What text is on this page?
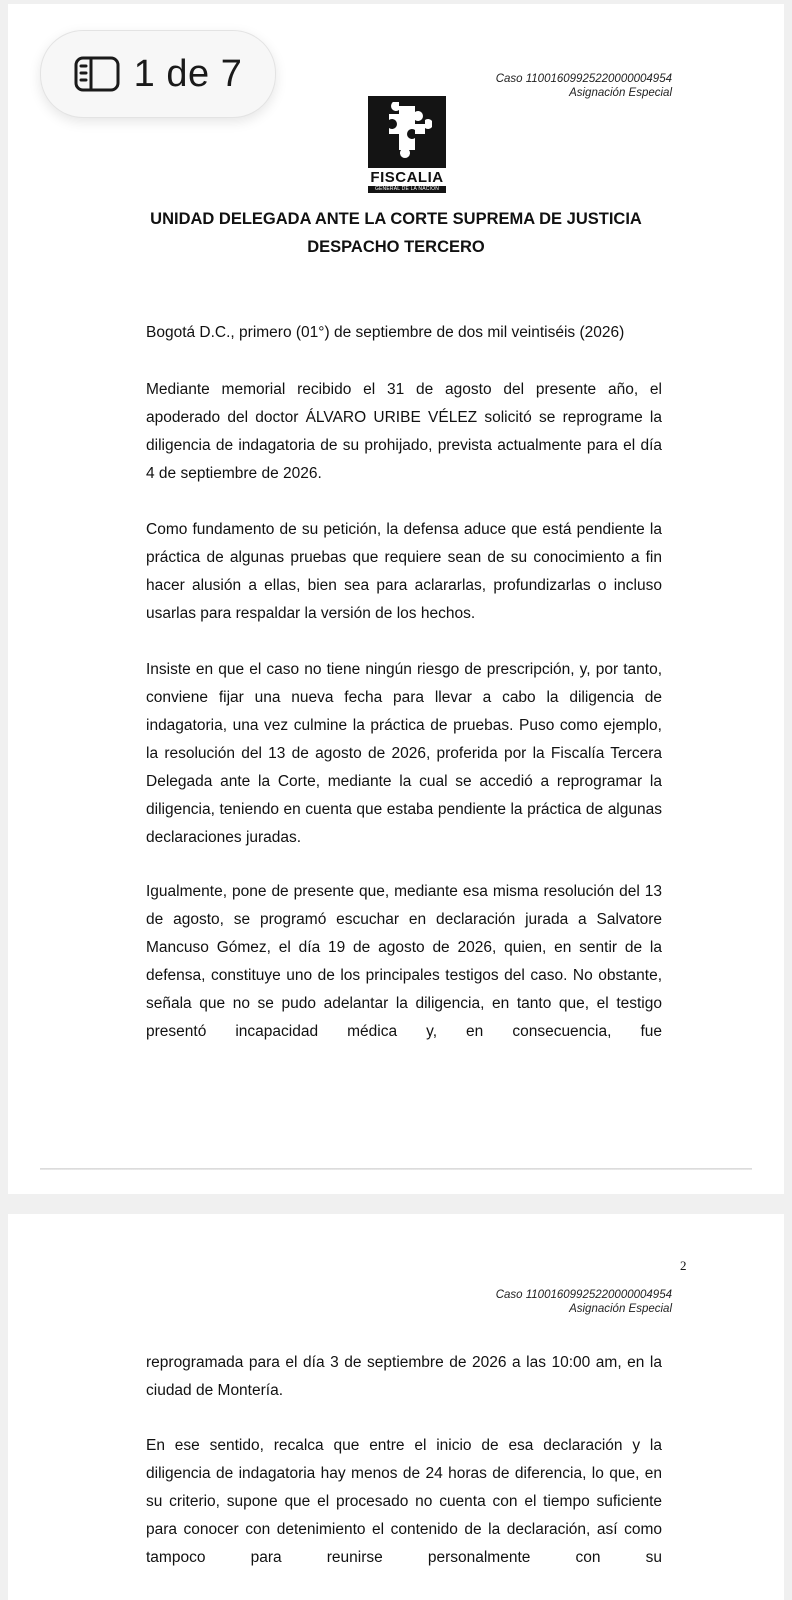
1 de 7	Caso 11001609925220000004954
Asignación Especial
FISCALIA
GENERAL DE LA NACIÓN
UNIDAD DELEGADA ANTE LA CORTE SUPREMA DE JUSTICIA
DESPACHO TERCERO
Bogotá D.C., primero (01°) de septiembre de dos mil veintiséis (2026)
Mediante memorial recibido el 31 de agosto del presente año, el apoderado del doctor ÁLVARO URIBE VÉLEZ solicitó se reprograme la diligencia de indagatoria de su prohijado, prevista actualmente para el día 4 de septiembre de 2026.
Como fundamento de su petición, la defensa aduce que está pendiente la práctica de algunas pruebas que requiere sean de su conocimiento a fin hacer alusión a ellas, bien sea para aclararlas, profundizarlas o incluso usarlas para respaldar la versión de los hechos.
Insiste en que el caso no tiene ningún riesgo de prescripción, y, por tanto, conviene fijar una nueva fecha para llevar a cabo la diligencia de indagatoria, una vez culmine la práctica de pruebas. Puso como ejemplo, la resolución del 13 de agosto de 2026, proferida por la Fiscalía Tercera Delegada ante la Corte, mediante la cual se accedió a reprogramar la diligencia, teniendo en cuenta que estaba pendiente la práctica de algunas declaraciones juradas.
Igualmente, pone de presente que, mediante esa misma resolución del 13 de agosto, se programó escuchar en declaración jurada a Salvatore Mancuso Gómez, el día 19 de agosto de 2026, quien, en sentir de la defensa, constituye uno de los principales testigos del caso. No obstante, señala que no se pudo adelantar la diligencia, en tanto que, el testigo presentó incapacidad médica y, en consecuencia, fue
2
Caso 11001609925220000004954
Asignación Especial
reprogramada para el día 3 de septiembre de 2026 a las 10:00 am, en la ciudad de Montería.
En ese sentido, recalca que entre el inicio de esa declaración y la diligencia de indagatoria hay menos de 24 horas de diferencia, lo que, en su criterio, supone que el procesado no cuenta con el tiempo suficiente para conocer con detenimiento el contenido de la declaración, así como tampoco para reunirse personalmente con su
